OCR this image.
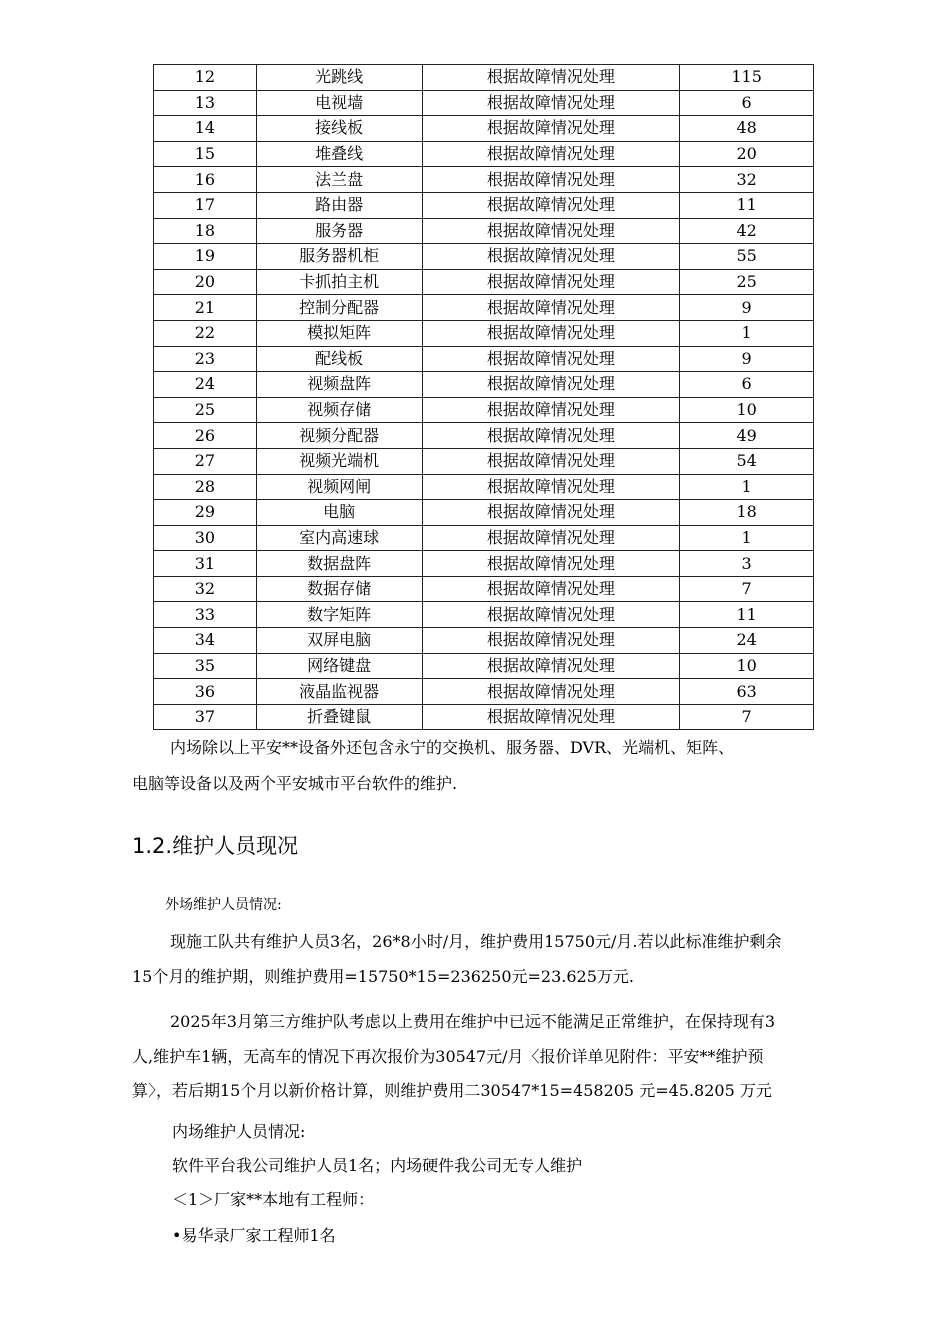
12	光跳线	根据故障情况处理	115
13	电视墙	根据故障情况处理	6
14	接线板	根据故障情况处理	48
15	堆叠线	根据故障情况处理	20
16	法兰盘	根据故障情况处理	32
17	路由器	根据故障情况处理	11
18	服务器	根据故障情况处理	42
19	服务器机柜	根据故障情况处理	55
20	卡抓拍主机	根据故障情况处理	25
21	控制分配器	根据故障情况处理	9
22	模拟矩阵	根据故障情况处理	1
23	配线板	根据故障情况处理	9
24	视频盘阵	根据故障情况处理	6
25	视频存储	根据故障情况处理	10
26	视频分配器	根据故障情况处理	49
27	视频光端机	根据故障情况处理	54
28	视频网闸	根据故障情况处理	1
29	电脑	根据故障情况处理	18
30	室内高速球	根据故障情况处理	1
31	数据盘阵	根据故障情况处理	3
32	数据存储	根据故障情况处理	7
33	数字矩阵	根据故障情况处理	11
34	双屏电脑	根据故障情况处理	24
35	网络键盘	根据故障情况处理	10
36	液晶监视器	根据故障情况处理	63
37	折叠键鼠	根据故障情况处理	7
内场除以上平安**设备外还包含永宁的交换机、服务器、DVR、光端机、矩阵、
电脑等设备以及两个平安城市平台软件的维护.
1.2.维护人员现况
外场维护人员情况:
现施工队共有维护人员3名，26*8小时/月，维护费用15750元/月.若以此标准维护剩余
15个月的维护期，则维护费用=15750*15=236250元=23.625万元.
2025年3月第三方维护队考虑以上费用在维护中已远不能满足正常维护，在保持现有3
人,维护车1辆，无高车的情况下再次报价为30547元/月〈报价详单见附件：平安**维护预
算〉，若后期15个月以新价格计算，则维护费用二30547*15=458205 元=45.8205 万元
内场维护人员情况:
软件平台我公司维护人员1名；内场硬件我公司无专人维护
＜1＞厂家**本地有工程师：
•易华录厂家工程师1名
